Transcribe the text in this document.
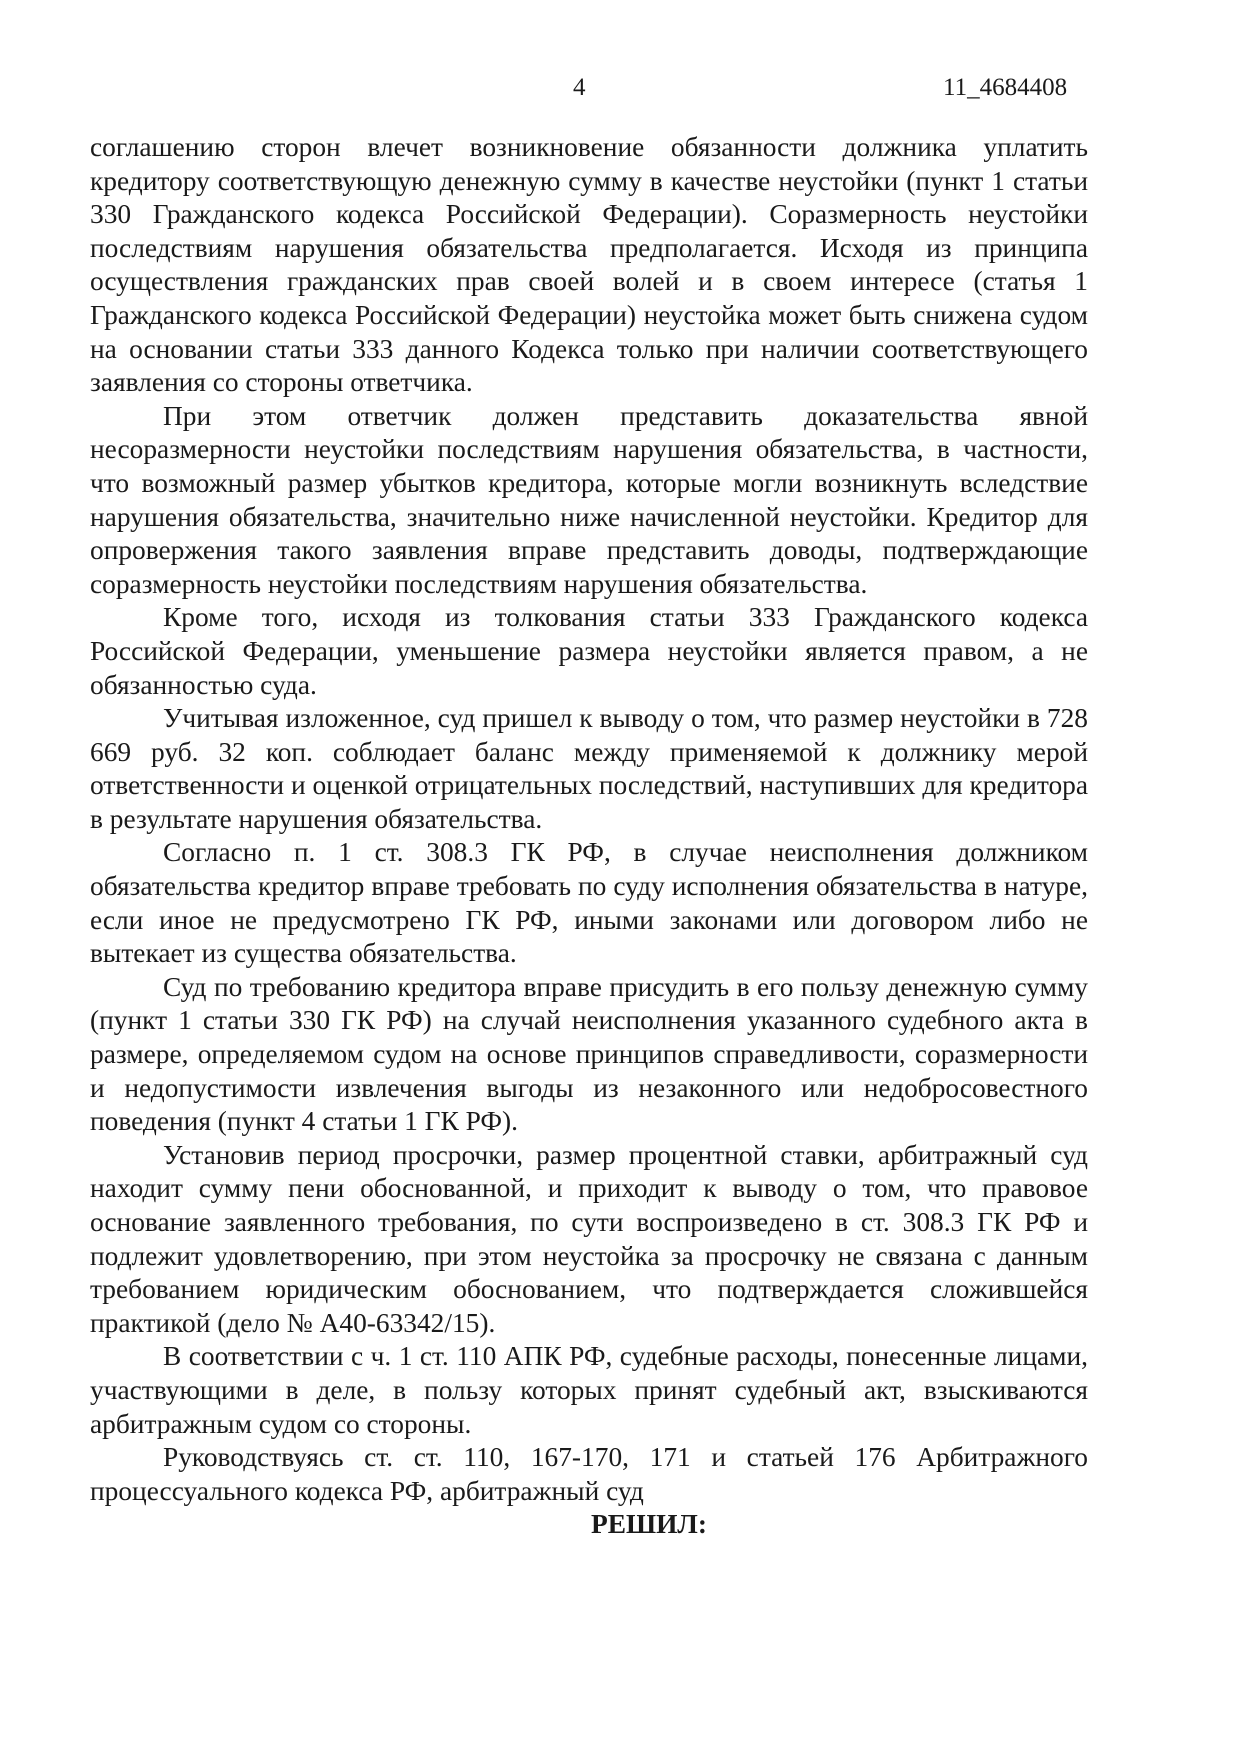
4	11_4684408

соглашению сторон влечет возникновение обязанности должника уплатить кредитору соответствующую денежную сумму в качестве неустойки (пункт 1 статьи 330 Гражданского кодекса Российской Федерации). Соразмерность неустойки последствиям нарушения обязательства предполагается. Исходя из принципа осуществления гражданских прав своей волей и в своем интересе (статья 1 Гражданского кодекса Российской Федерации) неустойка может быть снижена судом на основании статьи 333 данного Кодекса только при наличии соответствующего заявления со стороны ответчика.

При этом ответчик должен представить доказательства явной несоразмерности неустойки последствиям нарушения обязательства, в частности, что возможный размер убытков кредитора, которые могли возникнуть вследствие нарушения обязательства, значительно ниже начисленной неустойки. Кредитор для опровержения такого заявления вправе представить доводы, подтверждающие соразмерность неустойки последствиям нарушения обязательства.

Кроме того, исходя из толкования статьи 333 Гражданского кодекса Российской Федерации, уменьшение размера неустойки является правом, а не обязанностью суда.

Учитывая изложенное, суд пришел к выводу о том, что размер неустойки в 728 669 руб. 32 коп. соблюдает баланс между применяемой к должнику мерой ответственности и оценкой отрицательных последствий, наступивших для кредитора в результате нарушения обязательства.

Согласно п. 1 ст. 308.3 ГК РФ, в случае неисполнения должником обязательства кредитор вправе требовать по суду исполнения обязательства в натуре, если иное не предусмотрено ГК РФ, иными законами или договором либо не вытекает из существа обязательства.

Суд по требованию кредитора вправе присудить в его пользу денежную сумму (пункт 1 статьи 330 ГК РФ) на случай неисполнения указанного судебного акта в размере, определяемом судом на основе принципов справедливости, соразмерности и недопустимости извлечения выгоды из незаконного или недобросовестного поведения (пункт 4 статьи 1 ГК РФ).

Установив период просрочки, размер процентной ставки, арбитражный суд находит сумму пени обоснованной, и приходит к выводу о том, что правовое основание заявленного требования, по сути воспроизведено в ст. 308.3 ГК РФ и подлежит удовлетворению, при этом неустойка за просрочку не связана с данным требованием юридическим обоснованием, что подтверждается сложившейся практикой (дело № А40-63342/15).

В соответствии с ч. 1 ст. 110 АПК РФ, судебные расходы, понесенные лицами, участвующими в деле, в пользу которых принят судебный акт, взыскиваются арбитражным судом со стороны.

Руководствуясь ст. ст. 110, 167-170, 171 и статьей 176 Арбитражного процессуального кодекса РФ, арбитражный суд

РЕШИЛ:
